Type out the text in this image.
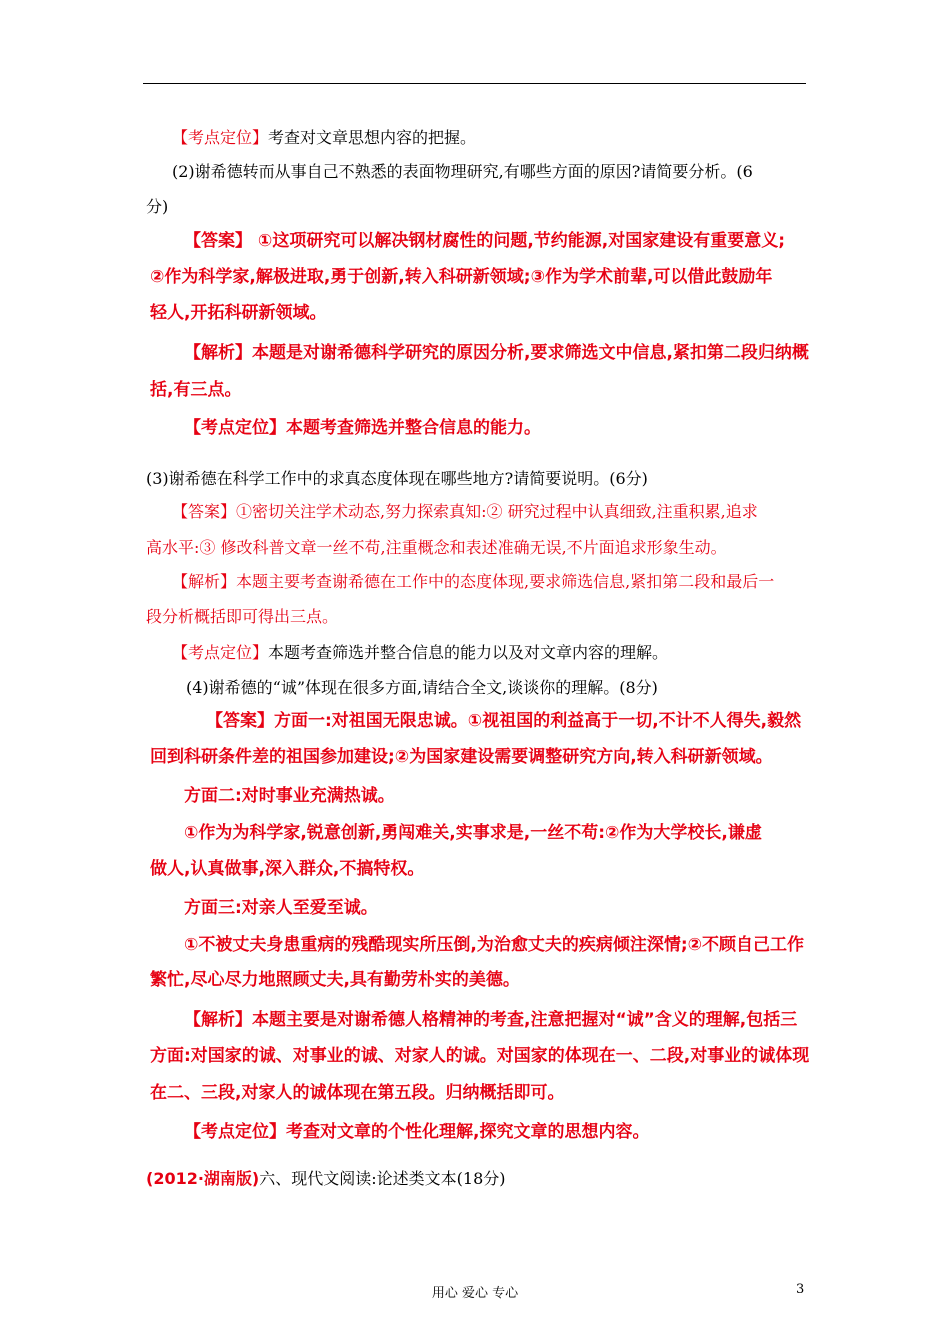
【考点定位】考查对文章思想内容的把握。
(2)谢希德转而从事自己不熟悉的表面物理研究,有哪些方面的原因?请简要分析。(6
分)
【答案】 ①这项研究可以解决钢材腐性的问题,节约能源,对国家建设有重要意义;
②作为科学家,解极进取,勇于创新,转入科研新领域;③作为学术前辈,可以借此鼓励年
轻人,开拓科研新领域。
【解析】本题是对谢希德科学研究的原因分析,要求筛选文中信息,紧扣第二段归纳概
括,有三点。
【考点定位】本题考查筛选并整合信息的能力。
(3)谢希德在科学工作中的求真态度体现在哪些地方?请简要说明。(6分)
【答案】①密切关注学术动态,努力探索真知:② 研究过程中认真细致,注重积累,追求
高水平:③ 修改科普文章一丝不苟,注重概念和表述准确无误,不片面追求形象生动。
【解析】本题主要考查谢希德在工作中的态度体现,要求筛选信息,紧扣第二段和最后一
段分析概括即可得出三点。
【考点定位】本题考查筛选并整合信息的能力以及对文章内容的理解。
(4)谢希德的“诚”体现在很多方面,请结合全文,谈谈你的理解。(8分)
【答案】方面一:对祖国无限忠诚。①视祖国的利益高于一切,不计不人得失,毅然
回到科研条件差的祖国参加建设;②为国家建设需要调整研究方向,转入科研新领域。
方面二:对时事业充满热诚。
①作为为科学家,锐意创新,勇闯难关,实事求是,一丝不苟:②作为大学校长,谦虚
做人,认真做事,深入群众,不搞特权。
方面三:对亲人至爱至诚。
①不被丈夫身患重病的残酷现实所压倒,为治愈丈夫的疾病倾注深情;②不顾自己工作
繁忙,尽心尽力地照顾丈夫,具有勤劳朴实的美德。
【解析】本题主要是对谢希德人格精神的考查,注意把握对“诚”含义的理解,包括三
方面:对国家的诚、对事业的诚、对家人的诚。对国家的体现在一、二段,对事业的诚体现
在二、三段,对家人的诚体现在第五段。归纳概括即可。
【考点定位】考查对文章的个性化理解,探究文章的思想内容。
(2012·湖南版)六、现代文阅读:论述类文本(18分)
用心 爱心 专心	3
